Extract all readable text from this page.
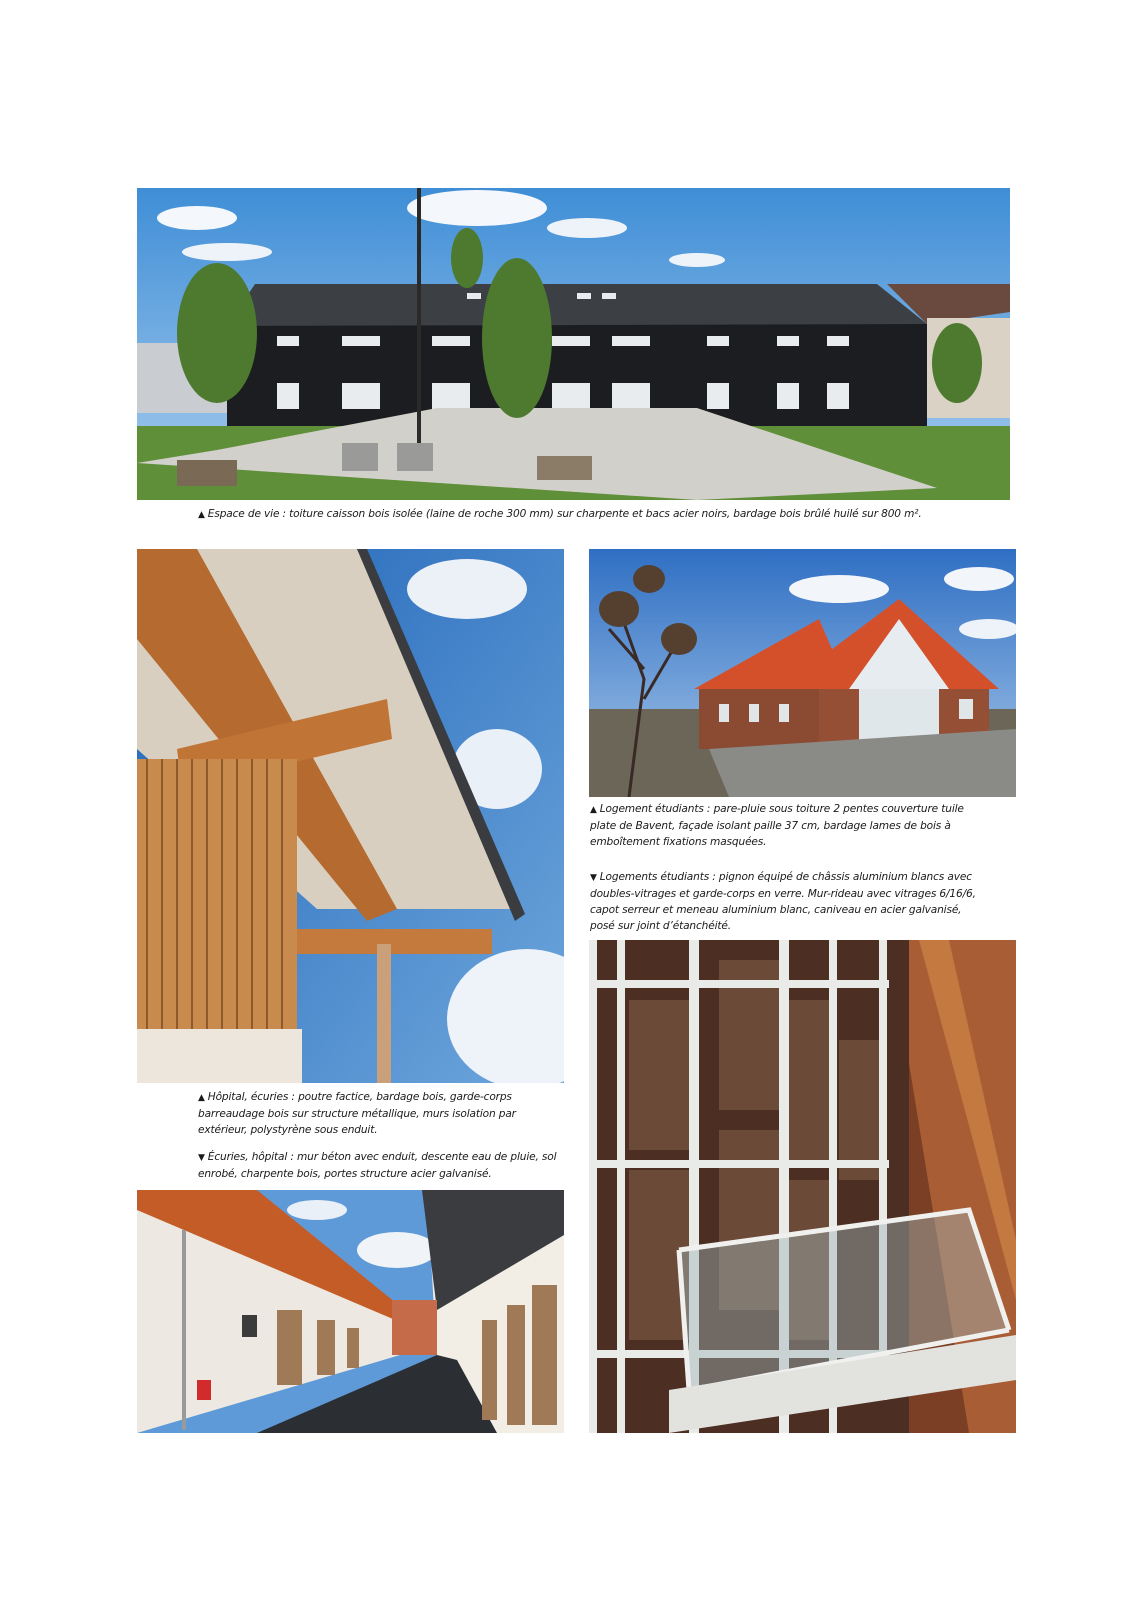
▲ Espace de vie : toiture caisson bois isolée (laine de roche 300 mm) sur charpente et bacs acier noirs, bardage bois brûlé huilé sur 800 m².

▲ Hôpital, écuries : poutre factice, bardage bois, garde-corps barreaudage bois sur structure métallique, murs isolation par extérieur, polystyrène sous enduit.

▼ Écuries, hôpital : mur béton avec enduit, descente eau de pluie, sol enrobé, charpente bois, portes structure acier galvanisé.

▲ Logement étudiants : pare-pluie sous toiture 2 pentes couverture tuile plate de Bavent, façade isolant paille 37 cm, bardage lames de bois à emboîtement fixations masquées.

▼ Logements étudiants : pignon équipé de châssis aluminium blancs avec doubles-vitrages et garde-corps en verre. Mur-rideau avec vitrages 6/16/6, capot serreur et meneau aluminium blanc, caniveau en acier galvanisé, posé sur joint d’étanchéité.
